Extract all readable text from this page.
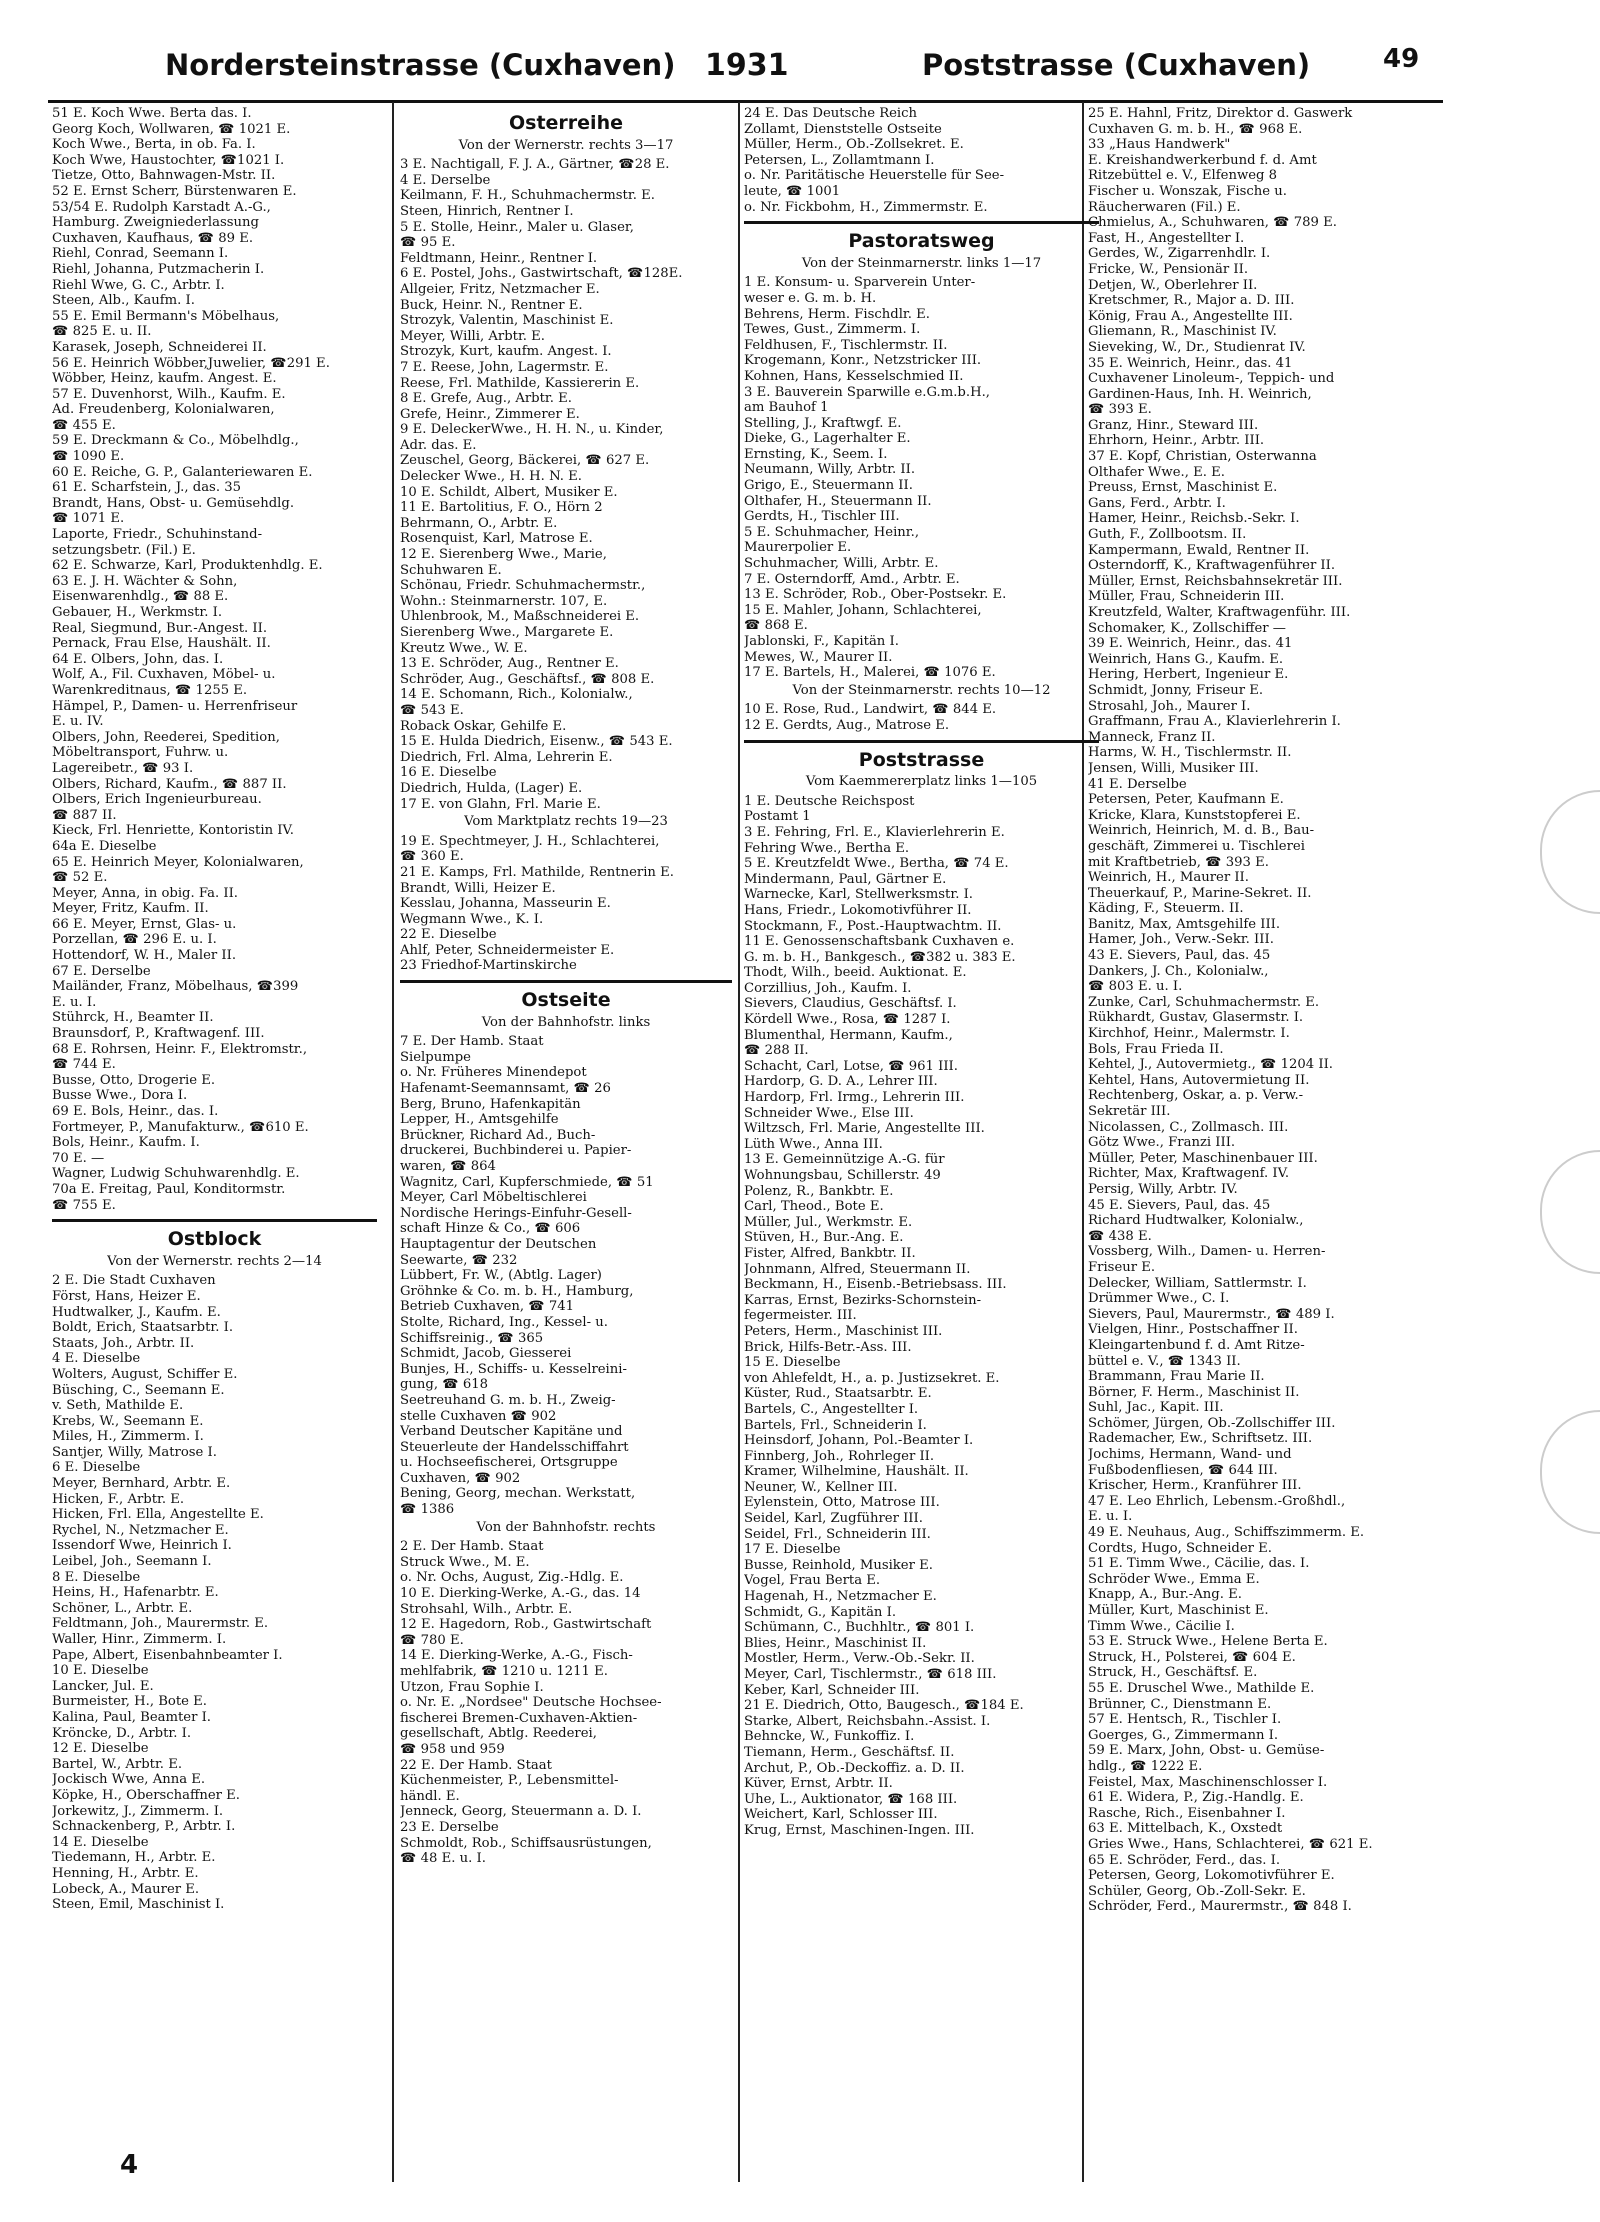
Nordersteinstrasse (Cuxhaven) 1931	Poststrasse (Cuxhaven)	49
51 E. Koch Wwe. Berta das. I.
Georg Koch, Wollwaren, ☎ 1021 E.
Koch Wwe., Berta, in ob. Fa. I.
Koch Wwe, Haustochter, ☎1021 I.
Tietze, Otto, Bahnwagen-Mstr. II.
52 E. Ernst Scherr, Bürstenwaren E.
53/54 E. Rudolph Karstadt A.-G.,
Hamburg. Zweigniederlassung
Cuxhaven, Kaufhaus, ☎ 89 E.
Riehl, Conrad, Seemann I.
Riehl, Johanna, Putzmacherin I.
Riehl Wwe, G. C., Arbtr. I.
Steen, Alb., Kaufm. I.
55 E. Emil Bermann's Möbelhaus,
☎ 825 E. u. II.
Karasek, Joseph, Schneiderei II.
56 E. Heinrich Wöbber,Juwelier, ☎291 E.
Wöbber, Heinz, kaufm. Angest. E.
57 E. Duvenhorst, Wilh., Kaufm. E.
Ad. Freudenberg, Kolonialwaren,
☎ 455 E.
59 E. Dreckmann & Co., Möbelhdlg.,
☎ 1090 E.
60 E. Reiche, G. P., Galanteriewaren E.
61 E. Scharfstein, J., das. 35
Brandt, Hans, Obst- u. Gemüsehdlg.
☎ 1071 E.
Laporte, Friedr., Schuhinstand-
setzungsbetr. (Fil.) E.
62 E. Schwarze, Karl, Produktenhdlg. E.
63 E. J. H. Wächter & Sohn,
Eisenwarenhdlg., ☎ 88 E.
Gebauer, H., Werkmstr. I.
Real, Siegmund, Bur.-Angest. II.
Pernack, Frau Else, Haushält. II.
64 E. Olbers, John, das. I.
Wolf, A., Fil. Cuxhaven, Möbel- u.
Warenkreditnaus, ☎ 1255 E.
Hämpel, P., Damen- u. Herrenfriseur
E. u. IV.
Olbers, John, Reederei, Spedition,
Möbeltransport, Fuhrw. u.
Lagereibetr., ☎ 93 I.
Olbers, Richard, Kaufm., ☎ 887 II.
Olbers, Erich Ingenieurbureau.
☎ 887 II.
Kieck, Frl. Henriette, Kontoristin IV.
64a E. Dieselbe
65 E. Heinrich Meyer, Kolonialwaren,
☎ 52 E.
Meyer, Anna, in obig. Fa. II.
Meyer, Fritz, Kaufm. II.
66 E. Meyer, Ernst, Glas- u.
Porzellan, ☎ 296 E. u. I.
Hottendorf, W. H., Maler II.
67 E. Derselbe
Mailänder, Franz, Möbelhaus, ☎399
E. u. I.
Stührck, H., Beamter II.
Braunsdorf, P., Kraftwagenf. III.
68 E. Rohrsen, Heinr. F., Elektromstr.,
☎ 744 E.
Busse, Otto, Drogerie E.
Busse Wwe., Dora I.
69 E. Bols, Heinr., das. I.
Fortmeyer, P., Manufakturw., ☎610 E.
Bols, Heinr., Kaufm. I.
70 E. —
Wagner, Ludwig Schuhwarenhdlg. E.
70a E. Freitag, Paul, Konditormstr.
☎ 755 E.
Ostblock
Von der Wernerstr. rechts 2—14
2 E. Die Stadt Cuxhaven
Först, Hans, Heizer E.
Hudtwalker, J., Kaufm. E.
Boldt, Erich, Staatsarbtr. I.
Staats, Joh., Arbtr. II.
4 E. Dieselbe
Wolters, August, Schiffer E.
Büsching, C., Seemann E.
v. Seth, Mathilde E.
Krebs, W., Seemann E.
Miles, H., Zimmerm. I.
Santjer, Willy, Matrose I.
6 E. Dieselbe
Meyer, Bernhard, Arbtr. E.
Hicken, F., Arbtr. E.
Hicken, Frl. Ella, Angestellte E.
Rychel, N., Netzmacher E.
Issendorf Wwe, Heinrich I.
Leibel, Joh., Seemann I.
8 E. Dieselbe
Heins, H., Hafenarbtr. E.
Schöner, L., Arbtr. E.
Feldtmann, Joh., Maurermstr. E.
Waller, Hinr., Zimmerm. I.
Pape, Albert, Eisenbahnbeamter I.
10 E. Dieselbe
Lancker, Jul. E.
Burmeister, H., Bote E.
Kalina, Paul, Beamter I.
Kröncke, D., Arbtr. I.
12 E. Dieselbe
Bartel, W., Arbtr. E.
Jockisch Wwe, Anna E.
Köpke, H., Oberschaffner E.
Jorkewitz, J., Zimmerm. I.
Schnackenberg, P., Arbtr. I.
14 E. Dieselbe
Tiedemann, H., Arbtr. E.
Henning, H., Arbtr. E.
Lobeck, A., Maurer E.
Steen, Emil, Maschinist I.
Osterreihe
Von der Wernerstr. rechts 3—17
3 E. Nachtigall, F. J. A., Gärtner, ☎28 E.
4 E. Derselbe
Keilmann, F. H., Schuhmachermstr. E.
Steen, Hinrich, Rentner I.
5 E. Stolle, Heinr., Maler u. Glaser,
☎ 95 E.
Feldtmann, Heinr., Rentner I.
6 E. Postel, Johs., Gastwirtschaft, ☎128E.
Allgeier, Fritz, Netzmacher E.
Buck, Heinr. N., Rentner E.
Strozyk, Valentin, Maschinist E.
Meyer, Willi, Arbtr. E.
Strozyk, Kurt, kaufm. Angest. I.
7 E. Reese, John, Lagermstr. E.
Reese, Frl. Mathilde, Kassiererin E.
8 E. Grefe, Aug., Arbtr. E.
Grefe, Heinr., Zimmerer E.
9 E. DeleckerWwe., H. H. N., u. Kinder,
Adr. das. E.
Zeuschel, Georg, Bäckerei, ☎ 627 E.
Delecker Wwe., H. H. N. E.
10 E. Schildt, Albert, Musiker E.
11 E. Bartolitius, F. O., Hörn 2
Behrmann, O., Arbtr. E.
Rosenquist, Karl, Matrose E.
12 E. Sierenberg Wwe., Marie,
Schuhwaren E.
Schönau, Friedr. Schuhmachermstr.,
Wohn.: Steinmarnerstr. 107, E.
Uhlenbrook, M., Maßschneiderei E.
Sierenberg Wwe., Margarete E.
Kreutz Wwe., W. E.
13 E. Schröder, Aug., Rentner E.
Schröder, Aug., Geschäftsf., ☎ 808 E.
14 E. Schomann, Rich., Kolonialw.,
☎ 543 E.
Roback Oskar, Gehilfe E.
15 E. Hulda Diedrich, Eisenw., ☎ 543 E.
Diedrich, Frl. Alma, Lehrerin E.
16 E. Dieselbe
Diedrich, Hulda, (Lager) E.
17 E. von Glahn, Frl. Marie E.
Vom Marktplatz rechts 19—23
19 E. Spechtmeyer, J. H., Schlachterei,
☎ 360 E.
21 E. Kamps, Frl. Mathilde, Rentnerin E.
Brandt, Willi, Heizer E.
Kesslau, Johanna, Masseurin E.
Wegmann Wwe., K. I.
22 E. Dieselbe
Ahlf, Peter, Schneidermeister E.
23 Friedhof-Martinskirche
Ostseite
Von der Bahnhofstr. links
7 E. Der Hamb. Staat
Sielpumpe
o. Nr. Früheres Minendepot
Hafenamt-Seemannsamt, ☎ 26
Berg, Bruno, Hafenkapitän
Lepper, H., Amtsgehilfe
Brückner, Richard Ad., Buch-
druckerei, Buchbinderei u. Papier-
waren, ☎ 864
Wagnitz, Carl, Kupferschmiede, ☎ 51
Meyer, Carl Möbeltischlerei
Nordische Herings-Einfuhr-Gesell-
schaft Hinze & Co., ☎ 606
Hauptagentur der Deutschen
Seewarte, ☎ 232
Lübbert, Fr. W., (Abtlg. Lager)
Gröhnke & Co. m. b. H., Hamburg,
Betrieb Cuxhaven, ☎ 741
Stolte, Richard, Ing., Kessel- u.
Schiffsreinig., ☎ 365
Schmidt, Jacob, Giesserei
Bunjes, H., Schiffs- u. Kesselreini-
gung, ☎ 618
Seetreuhand G. m. b. H., Zweig-
stelle Cuxhaven ☎ 902
Verband Deutscher Kapitäne und
Steuerleute der Handelsschiffahrt
u. Hochseefischerei, Ortsgruppe
Cuxhaven, ☎ 902
Bening, Georg, mechan. Werkstatt,
☎ 1386
Von der Bahnhofstr. rechts
2 E. Der Hamb. Staat
Struck Wwe., M. E.
o. Nr. Ochs, August, Zig.-Hdlg. E.
10 E. Dierking-Werke, A.-G., das. 14
Strohsahl, Wilh., Arbtr. E.
12 E. Hagedorn, Rob., Gastwirtschaft
☎ 780 E.
14 E. Dierking-Werke, A.-G., Fisch-
mehlfabrik, ☎ 1210 u. 1211 E.
Utzon, Frau Sophie I.
o. Nr. E. „Nordsee" Deutsche Hochsee-
fischerei Bremen-Cuxhaven-Aktien-
gesellschaft, Abtlg. Reederei,
☎ 958 und 959
22 E. Der Hamb. Staat
Küchenmeister, P., Lebensmittel-
händl. E.
Jenneck, Georg, Steuermann a. D. I.
23 E. Derselbe
Schmoldt, Rob., Schiffsausrüstungen,
☎ 48 E. u. I.
24 E. Das Deutsche Reich
Zollamt, Dienststelle Ostseite
Müller, Herm., Ob.-Zollsekret. E.
Petersen, L., Zollamtmann I.
o. Nr. Paritätische Heuerstelle für See-
leute, ☎ 1001
o. Nr. Fickbohm, H., Zimmermstr. E.
Pastoratsweg
Von der Steinmarnerstr. links 1—17
1 E. Konsum- u. Sparverein Unter-
weser e. G. m. b. H.
Behrens, Herm. Fischdlr. E.
Tewes, Gust., Zimmerm. I.
Feldhusen, F., Tischlermstr. II.
Krogemann, Konr., Netzstricker III.
Kohnen, Hans, Kesselschmied II.
3 E. Bauverein Sparwille e.G.m.b.H.,
am Bauhof 1
Stelling, J., Kraftwgf. E.
Dieke, G., Lagerhalter E.
Ernsting, K., Seem. I.
Neumann, Willy, Arbtr. II.
Grigo, E., Steuermann II.
Olthafer, H., Steuermann II.
Gerdts, H., Tischler III.
5 E. Schuhmacher, Heinr.,
Maurerpolier E.
Schuhmacher, Willi, Arbtr. E.
7 E. Osterndorff, Amd., Arbtr. E.
13 E. Schröder, Rob., Ober-Postsekr. E.
15 E. Mahler, Johann, Schlachterei,
☎ 868 E.
Jablonski, F., Kapitän I.
Mewes, W., Maurer II.
17 E. Bartels, H., Malerei, ☎ 1076 E.
Von der Steinmarnerstr. rechts 10—12
10 E. Rose, Rud., Landwirt, ☎ 844 E.
12 E. Gerdts, Aug., Matrose E.
Poststrasse
Vom Kaemmererplatz links 1—105
1 E. Deutsche Reichspost
Postamt 1
3 E. Fehring, Frl. E., Klavierlehrerin E.
Fehring Wwe., Bertha E.
5 E. Kreutzfeldt Wwe., Bertha, ☎ 74 E.
Mindermann, Paul, Gärtner E.
Warnecke, Karl, Stellwerksmstr. I.
Hans, Friedr., Lokomotivführer II.
Stockmann, F., Post.-Hauptwachtm. II.
11 E. Genossenschaftsbank Cuxhaven e.
G. m. b. H., Bankgesch., ☎382 u. 383 E.
Thodt, Wilh., beeid. Auktionat. E.
Corzillius, Joh., Kaufm. I.
Sievers, Claudius, Geschäftsf. I.
Kördell Wwe., Rosa, ☎ 1287 I.
Blumenthal, Hermann, Kaufm.,
☎ 288 II.
Schacht, Carl, Lotse, ☎ 961 III.
Hardorp, G. D. A., Lehrer III.
Hardorp, Frl. Irmg., Lehrerin III.
Schneider Wwe., Else III.
Wiltzsch, Frl. Marie, Angestellte III.
Lüth Wwe., Anna III.
13 E. Gemeinnützige A.-G. für
Wohnungsbau, Schillerstr. 49
Polenz, R., Bankbtr. E.
Carl, Theod., Bote E.
Müller, Jul., Werkmstr. E.
Stüven, H., Bur.-Ang. E.
Fister, Alfred, Bankbtr. II.
Johnmann, Alfred, Steuermann II.
Beckmann, H., Eisenb.-Betriebsass. III.
Karras, Ernst, Bezirks-Schornstein-
fegermeister. III.
Peters, Herm., Maschinist III.
Brick, Hilfs-Betr.-Ass. III.
15 E. Dieselbe
von Ahlefeldt, H., a. p. Justizsekret. E.
Küster, Rud., Staatsarbtr. E.
Bartels, C., Angestellter I.
Bartels, Frl., Schneiderin I.
Heinsdorf, Johann, Pol.-Beamter I.
Finnberg, Joh., Rohrleger II.
Kramer, Wilhelmine, Haushält. II.
Neuner, W., Kellner III.
Eylenstein, Otto, Matrose III.
Seidel, Karl, Zugführer III.
Seidel, Frl., Schneiderin III.
17 E. Dieselbe
Busse, Reinhold, Musiker E.
Vogel, Frau Berta E.
Hagenah, H., Netzmacher E.
Schmidt, G., Kapitän I.
Schümann, C., Buchhltr., ☎ 801 I.
Blies, Heinr., Maschinist II.
Mostler, Herm., Verw.-Ob.-Sekr. II.
Meyer, Carl, Tischlermstr., ☎ 618 III.
Keber, Karl, Schneider III.
21 E. Diedrich, Otto, Baugesch., ☎184 E.
Starke, Albert, Reichsbahn.-Assist. I.
Behncke, W., Funkoffiz. I.
Tiemann, Herm., Geschäftsf. II.
Archut, P., Ob.-Deckoffiz. a. D. II.
Küver, Ernst, Arbtr. II.
Uhe, L., Auktionator, ☎ 168 III.
Weichert, Karl, Schlosser III.
Krug, Ernst, Maschinen-Ingen. III.
25 E. Hahnl, Fritz, Direktor d. Gaswerk
Cuxhaven G. m. b. H., ☎ 968 E.
33 „Haus Handwerk"
E. Kreishandwerkerbund f. d. Amt
Ritzebüttel e. V., Elfenweg 8
Fischer u. Wonszak, Fische u.
Räucherwaren (Fil.) E.
Chmielus, A., Schuhwaren, ☎ 789 E.
Fast, H., Angestellter I.
Gerdes, W., Zigarrenhdlr. I.
Fricke, W., Pensionär II.
Detjen, W., Oberlehrer II.
Kretschmer, R., Major a. D. III.
König, Frau A., Angestellte III.
Gliemann, R., Maschinist IV.
Sieveking, W., Dr., Studienrat IV.
35 E. Weinrich, Heinr., das. 41
Cuxhavener Linoleum-, Teppich- und
Gardinen-Haus, Inh. H. Weinrich,
☎ 393 E.
Granz, Hinr., Steward III.
Ehrhorn, Heinr., Arbtr. III.
37 E. Kopf, Christian, Osterwanna
Olthafer Wwe., E. E.
Preuss, Ernst, Maschinist E.
Gans, Ferd., Arbtr. I.
Hamer, Heinr., Reichsb.-Sekr. I.
Guth, F., Zollbootsm. II.
Kampermann, Ewald, Rentner II.
Osterndorff, K., Kraftwagenführer II.
Müller, Ernst, Reichsbahnsekretär III.
Müller, Frau, Schneiderin III.
Kreutzfeld, Walter, Kraftwagenführ. III.
Schomaker, K., Zollschiffer —
39 E. Weinrich, Heinr., das. 41
Weinrich, Hans G., Kaufm. E.
Hering, Herbert, Ingenieur E.
Schmidt, Jonny, Friseur E.
Strosahl, Joh., Maurer I.
Graffmann, Frau A., Klavierlehrerin I.
Manneck, Franz II.
Harms, W. H., Tischlermstr. II.
Jensen, Willi, Musiker III.
41 E. Derselbe
Petersen, Peter, Kaufmann E.
Kricke, Klara, Kunststopferei E.
Weinrich, Heinrich, M. d. B., Bau-
geschäft, Zimmerei u. Tischlerei
mit Kraftbetrieb, ☎ 393 E.
Weinrich, H., Maurer II.
Theuerkauf, P., Marine-Sekret. II.
Käding, F., Steuerm. II.
Banitz, Max, Amtsgehilfe III.
Hamer, Joh., Verw.-Sekr. III.
43 E. Sievers, Paul, das. 45
Dankers, J. Ch., Kolonialw.,
☎ 803 E. u. I.
Zunke, Carl, Schuhmachermstr. E.
Rükhardt, Gustav, Glasermstr. I.
Kirchhof, Heinr., Malermstr. I.
Bols, Frau Frieda II.
Kehtel, J., Autovermietg., ☎ 1204 II.
Kehtel, Hans, Autovermietung II.
Rechtenberg, Oskar, a. p. Verw.-
Sekretär III.
Nicolassen, C., Zollmasch. III.
Götz Wwe., Franzi III.
Müller, Peter, Maschinenbauer III.
Richter, Max, Kraftwagenf. IV.
Persig, Willy, Arbtr. IV.
45 E. Sievers, Paul, das. 45
Richard Hudtwalker, Kolonialw.,
☎ 438 E.
Vossberg, Wilh., Damen- u. Herren-
Friseur E.
Delecker, William, Sattlermstr. I.
Drümmer Wwe., C. I.
Sievers, Paul, Maurermstr., ☎ 489 I.
Vielgen, Hinr., Postschaffner II.
Kleingartenbund f. d. Amt Ritze-
büttel e. V., ☎ 1343 II.
Brammann, Frau Marie II.
Börner, F. Herm., Maschinist II.
Suhl, Jac., Kapit. III.
Schömer, Jürgen, Ob.-Zollschiffer III.
Rademacher, Ew., Schriftsetz. III.
Jochims, Hermann, Wand- und
Fußbodenfliesen, ☎ 644 III.
Krischer, Herm., Kranführer III.
47 E. Leo Ehrlich, Lebensm.-Großhdl.,
E. u. I.
49 E. Neuhaus, Aug., Schiffszimmerm. E.
Cordts, Hugo, Schneider E.
51 E. Timm Wwe., Cäcilie, das. I.
Schröder Wwe., Emma E.
Knapp, A., Bur.-Ang. E.
Müller, Kurt, Maschinist E.
Timm Wwe., Cäcilie I.
53 E. Struck Wwe., Helene Berta E.
Struck, H., Polsterei, ☎ 604 E.
Struck, H., Geschäftsf. E.
55 E. Druschel Wwe., Mathilde E.
Brünner, C., Dienstmann E.
57 E. Hentsch, R., Tischler I.
Goerges, G., Zimmermann I.
59 E. Marx, John, Obst- u. Gemüse-
hdlg., ☎ 1222 E.
Feistel, Max, Maschinenschlosser I.
61 E. Widera, P., Zig.-Handlg. E.
Rasche, Rich., Eisenbahner I.
63 E. Mittelbach, K., Oxstedt
Gries Wwe., Hans, Schlachterei, ☎ 621 E.
65 E. Schröder, Ferd., das. I.
Petersen, Georg, Lokomotivführer E.
Schüler, Georg, Ob.-Zoll-Sekr. E.
Schröder, Ferd., Maurermstr., ☎ 848 I.
4
